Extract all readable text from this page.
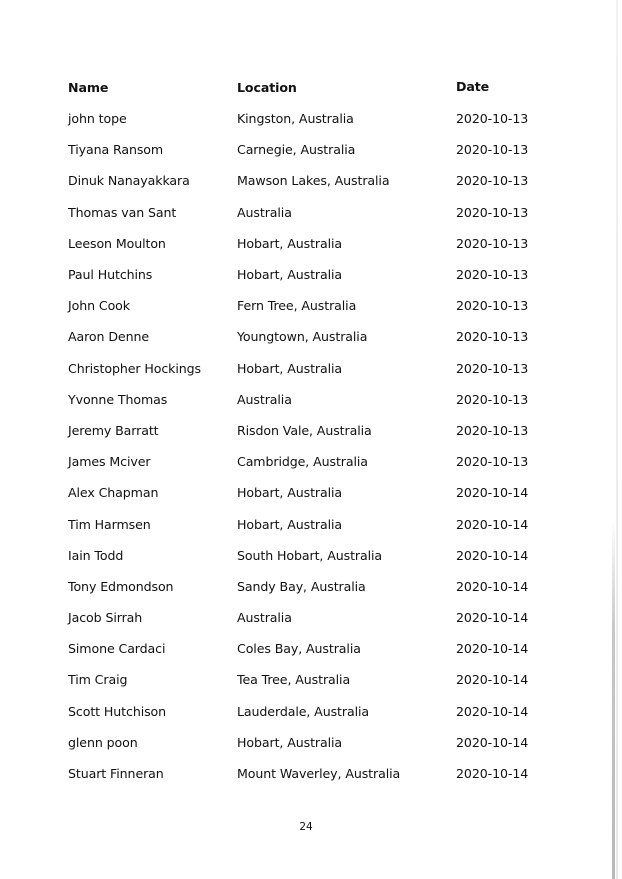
Name	Location	Date
john tope	Kingston, Australia	2020-10-13
Tiyana Ransom	Carnegie, Australia	2020-10-13
Dinuk Nanayakkara	Mawson Lakes, Australia	2020-10-13
Thomas van Sant	Australia	2020-10-13
Leeson Moulton	Hobart, Australia	2020-10-13
Paul Hutchins	Hobart, Australia	2020-10-13
John Cook	Fern Tree, Australia	2020-10-13
Aaron Denne	Youngtown, Australia	2020-10-13
Christopher Hockings	Hobart, Australia	2020-10-13
Yvonne Thomas	Australia	2020-10-13
Jeremy Barratt	Risdon Vale, Australia	2020-10-13
James Mciver	Cambridge, Australia	2020-10-13
Alex Chapman	Hobart, Australia	2020-10-14
Tim Harmsen	Hobart, Australia	2020-10-14
Iain Todd	South Hobart, Australia	2020-10-14
Tony Edmondson	Sandy Bay, Australia	2020-10-14
Jacob Sirrah	Australia	2020-10-14
Simone Cardaci	Coles Bay, Australia	2020-10-14
Tim Craig	Tea Tree, Australia	2020-10-14
Scott Hutchison	Lauderdale, Australia	2020-10-14
glenn poon	Hobart, Australia	2020-10-14
Stuart Finneran	Mount Waverley, Australia	2020-10-14
24
